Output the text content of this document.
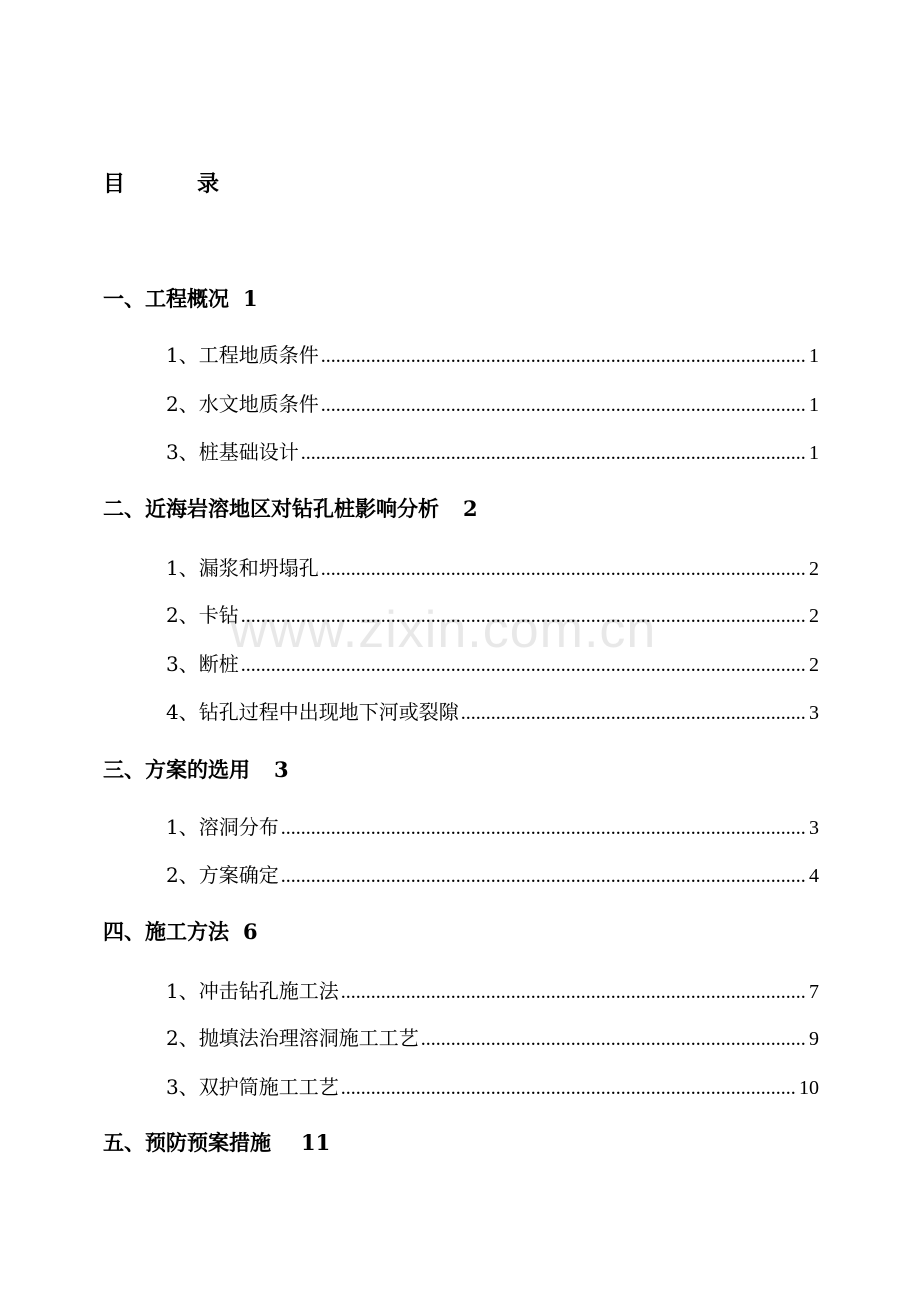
目	录
一、工程概况 1
1、工程地质条件 .....	1
2、水文地质条件 .....	1
3、桩基础设计 .....	1
二、近海岩溶地区对钻孔桩影响分析 2
1、漏浆和坍塌孔 .....	2
2、卡钻 .....	2
3、断桩 .....	2
4、钻孔过程中出现地下河或裂隙 .....	3
三、方案的选用 3
1、溶洞分布 .....	3
2、方案确定 .....	4
四、施工方法 6
1、冲击钻孔施工法 .....	7
2、抛填法治理溶洞施工工艺 .....	9
3、双护筒施工工艺 .....	10
五、预防预案措施 11
www.zixin.com.cn
